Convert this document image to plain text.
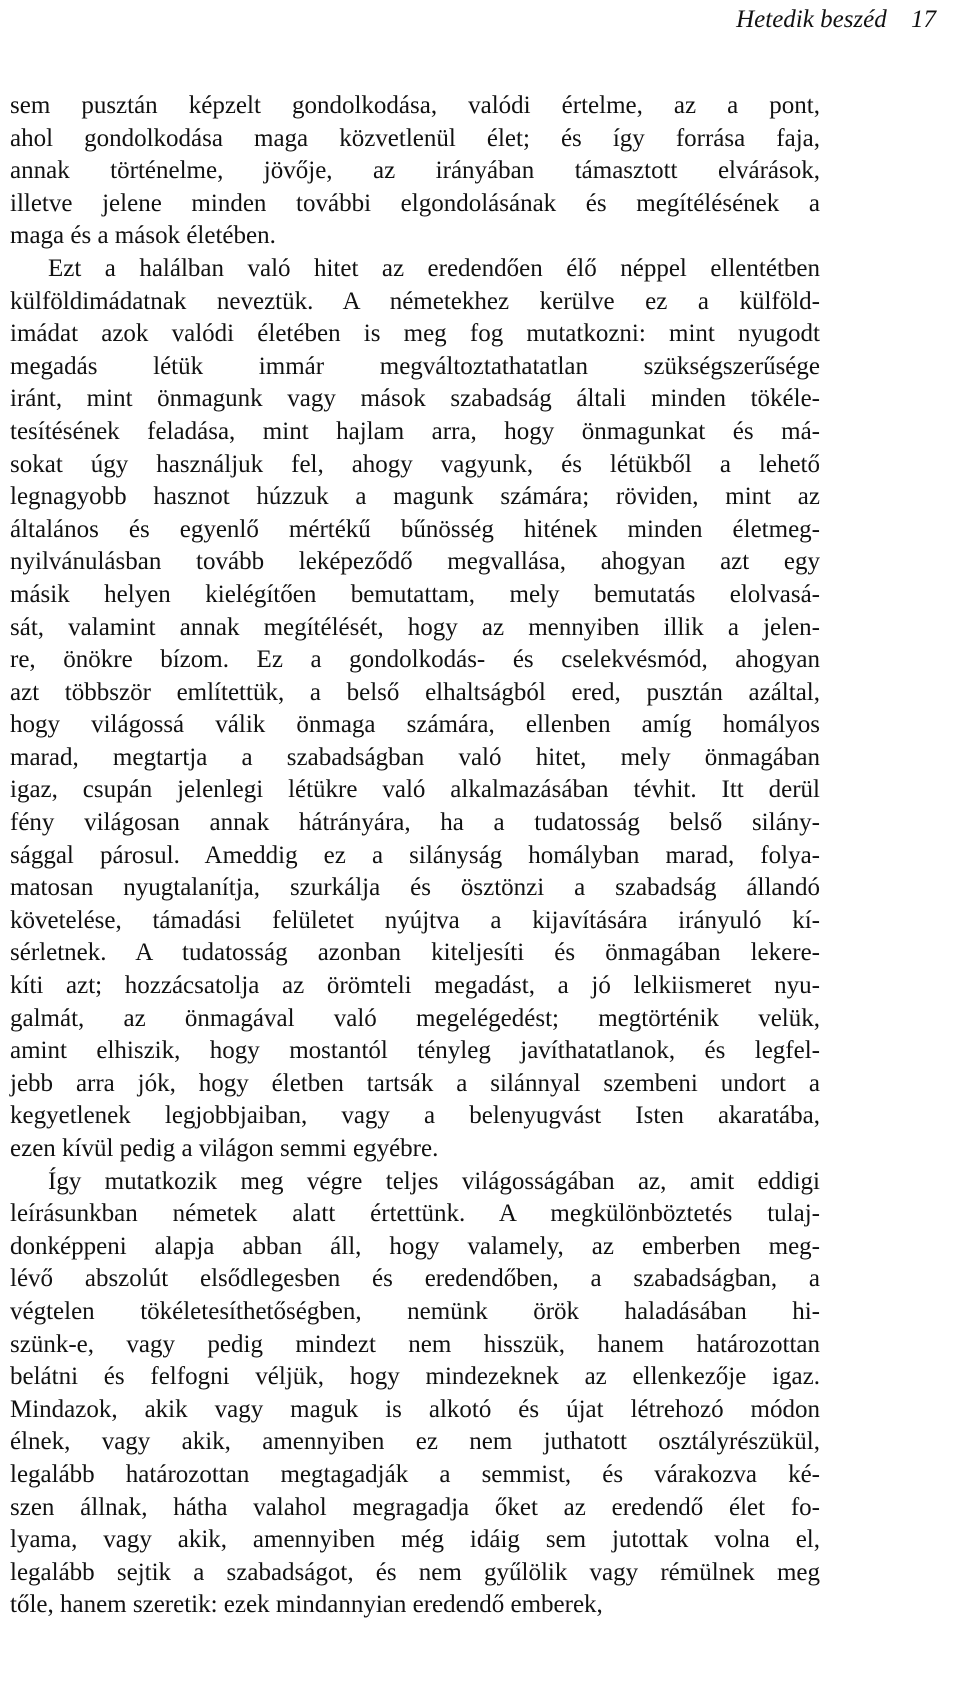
Hetedik beszéd 17
sem pusztán képzelt gondolkodása, valódi értelme, az a pont,
ahol gondolkodása maga közvetlenül élet; és így forrása faja,
annak történelme, jövője, az irányában támasztott elvárások,
illetve jelene minden további elgondolásának és megítélésének a
maga és a mások életében.
Ezt a halálban való hitet az eredendően élő néppel ellentétben
külföldimádatnak neveztük. A németekhez kerülve ez a külföld-
imádat azok valódi életében is meg fog mutatkozni: mint nyugodt
megadás létük immár megváltoztathatatlan szükségszerűsége
iránt, mint önmagunk vagy mások szabadság általi minden tökéle-
tesítésének feladása, mint hajlam arra, hogy önmagunkat és má-
sokat úgy használjuk fel, ahogy vagyunk, és létükből a lehető
legnagyobb hasznot húzzuk a magunk számára; röviden, mint az
általános és egyenlő mértékű bűnösség hitének minden életmeg-
nyilvánulásban tovább leképeződő megvallása, ahogyan azt egy
másik helyen kielégítően bemutattam, mely bemutatás elolvasá-
sát, valamint annak megítélését, hogy az mennyiben illik a jelen-
re, önökre bízom. Ez a gondolkodás- és cselekvésmód, ahogyan
azt többször említettük, a belső elhaltságból ered, pusztán azáltal,
hogy világossá válik önmaga számára, ellenben amíg homályos
marad, megtartja a szabadságban való hitet, mely önmagában
igaz, csupán jelenlegi létükre való alkalmazásában tévhit. Itt derül
fény világosan annak hátrányára, ha a tudatosság belső silány-
sággal párosul. Ameddig ez a silányság homályban marad, folya-
matosan nyugtalanítja, szurkálja és ösztönzi a szabadság állandó
követelése, támadási felületet nyújtva a kijavítására irányuló kí-
sérletnek. A tudatosság azonban kiteljesíti és önmagában lekere-
kíti azt; hozzácsatolja az örömteli megadást, a jó lelkiismeret nyu-
galmát, az önmagával való megelégedést; megtörténik velük,
amint elhiszik, hogy mostantól tényleg javíthatatlanok, és legfel-
jebb arra jók, hogy életben tartsák a silánnyal szembeni undort a
kegyetlenek legjobbjaiban, vagy a belenyugvást Isten akaratába,
ezen kívül pedig a világon semmi egyébre.
Így mutatkozik meg végre teljes világosságában az, amit eddigi
leírásunkban németek alatt értettünk. A megkülönböztetés tulaj-
donképpeni alapja abban áll, hogy valamely, az emberben meg-
lévő abszolút elsődlegesben és eredendőben, a szabadságban, a
végtelen tökéletesíthetőségben, nemünk örök haladásában hi-
szünk-e, vagy pedig mindezt nem hisszük, hanem határozottan
belátni és felfogni véljük, hogy mindezeknek az ellenkezője igaz.
Mindazok, akik vagy maguk is alkotó és újat létrehozó módon
élnek, vagy akik, amennyiben ez nem juthatott osztályrészükül,
legalább határozottan megtagadják a semmist, és várakozva ké-
szen állnak, hátha valahol megragadja őket az eredendő élet fo-
lyama, vagy akik, amennyiben még idáig sem jutottak volna el,
legalább sejtik a szabadságot, és nem gyűlölik vagy rémülnek meg
tőle, hanem szeretik: ezek mindannyian eredendő emberek,
